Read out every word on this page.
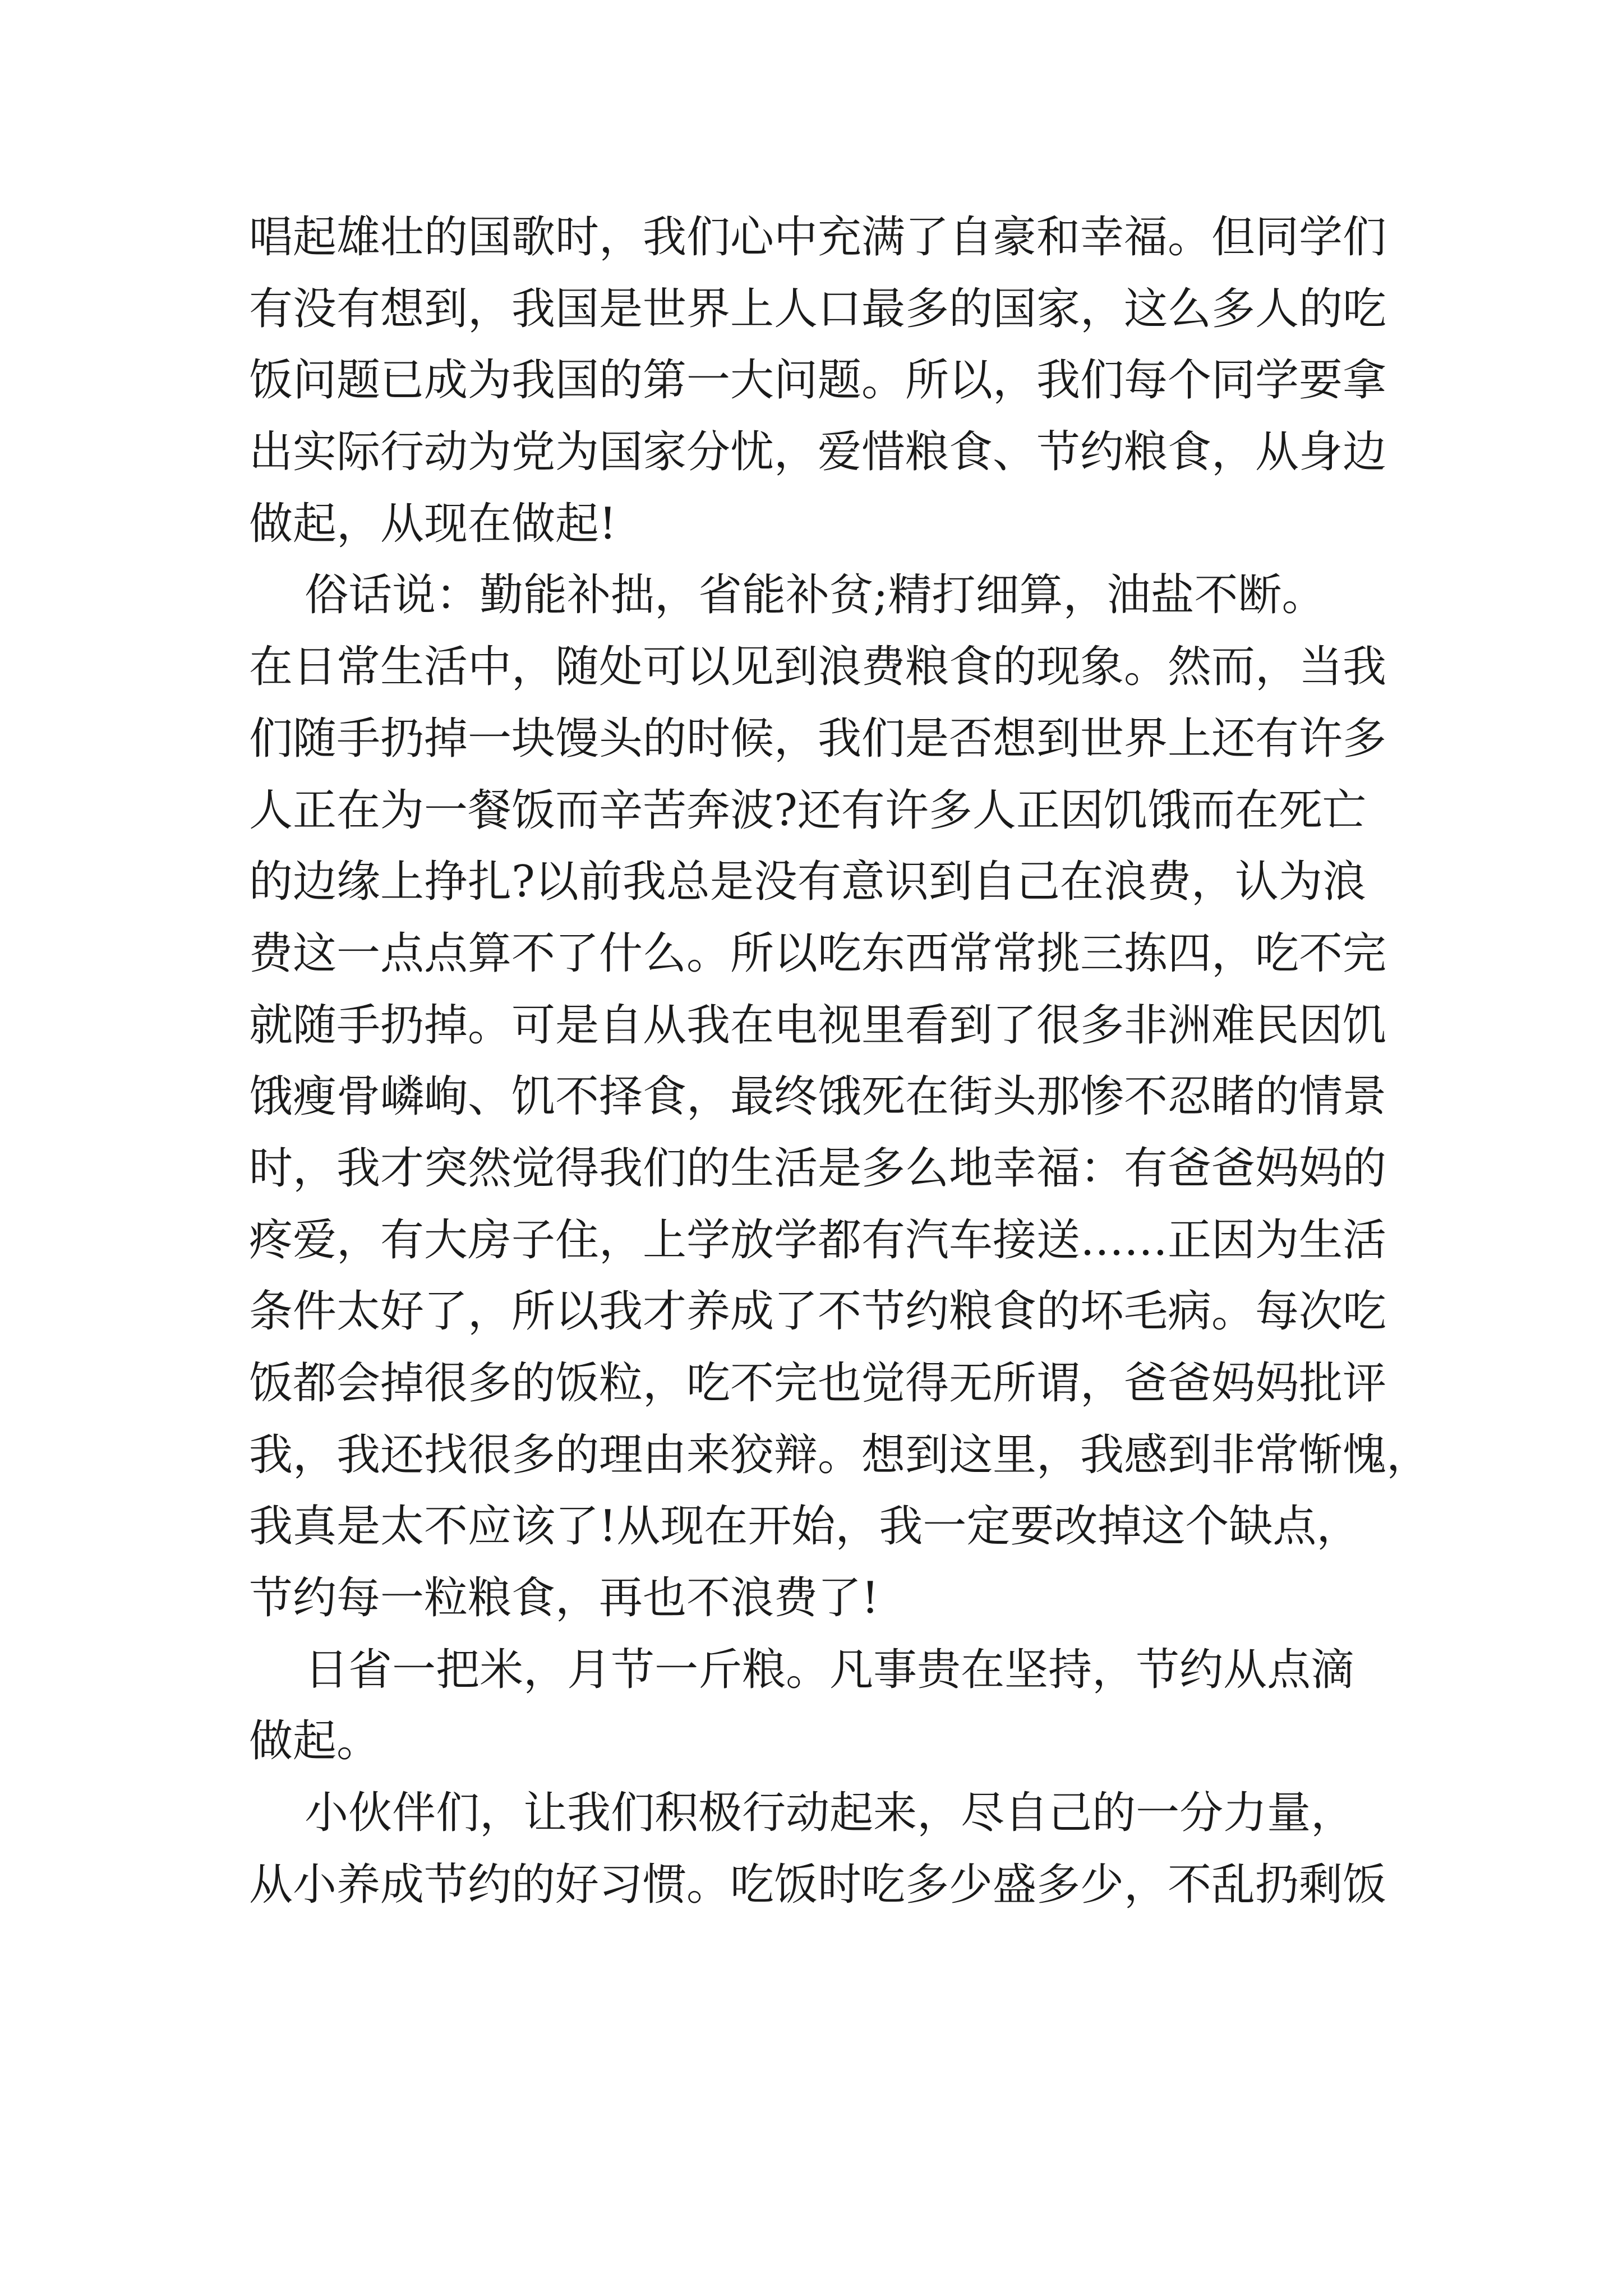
唱起雄壮的国歌时，我们心中充满了自豪和幸福。但同学们
有没有想到，我国是世界上人口最多的国家，这么多人的吃
饭问题已成为我国的第一大问题。所以，我们每个同学要拿
出实际行动为党为国家分忧，爱惜粮食、节约粮食，从身边
做起，从现在做起!
俗话说：勤能补拙，省能补贫;精打细算，油盐不断。
在日常生活中，随处可以见到浪费粮食的现象。然而，当我
们随手扔掉一块馒头的时候，我们是否想到世界上还有许多
人正在为一餐饭而辛苦奔波?还有许多人正因饥饿而在死亡
的边缘上挣扎?以前我总是没有意识到自己在浪费，认为浪
费这一点点算不了什么。所以吃东西常常挑三拣四，吃不完
就随手扔掉。可是自从我在电视里看到了很多非洲难民因饥
饿瘦骨嶙峋、饥不择食，最终饿死在街头那惨不忍睹的情景
时，我才突然觉得我们的生活是多么地幸福：有爸爸妈妈的
疼爱，有大房子住，上学放学都有汽车接送……正因为生活
条件太好了，所以我才养成了不节约粮食的坏毛病。每次吃
饭都会掉很多的饭粒，吃不完也觉得无所谓，爸爸妈妈批评
我，我还找很多的理由来狡辩。想到这里，我感到非常惭愧，
我真是太不应该了!从现在开始，我一定要改掉这个缺点，
节约每一粒粮食，再也不浪费了!
日省一把米，月节一斤粮。凡事贵在坚持，节约从点滴
做起。
小伙伴们，让我们积极行动起来，尽自己的一分力量，
从小养成节约的好习惯。吃饭时吃多少盛多少，不乱扔剩饭
